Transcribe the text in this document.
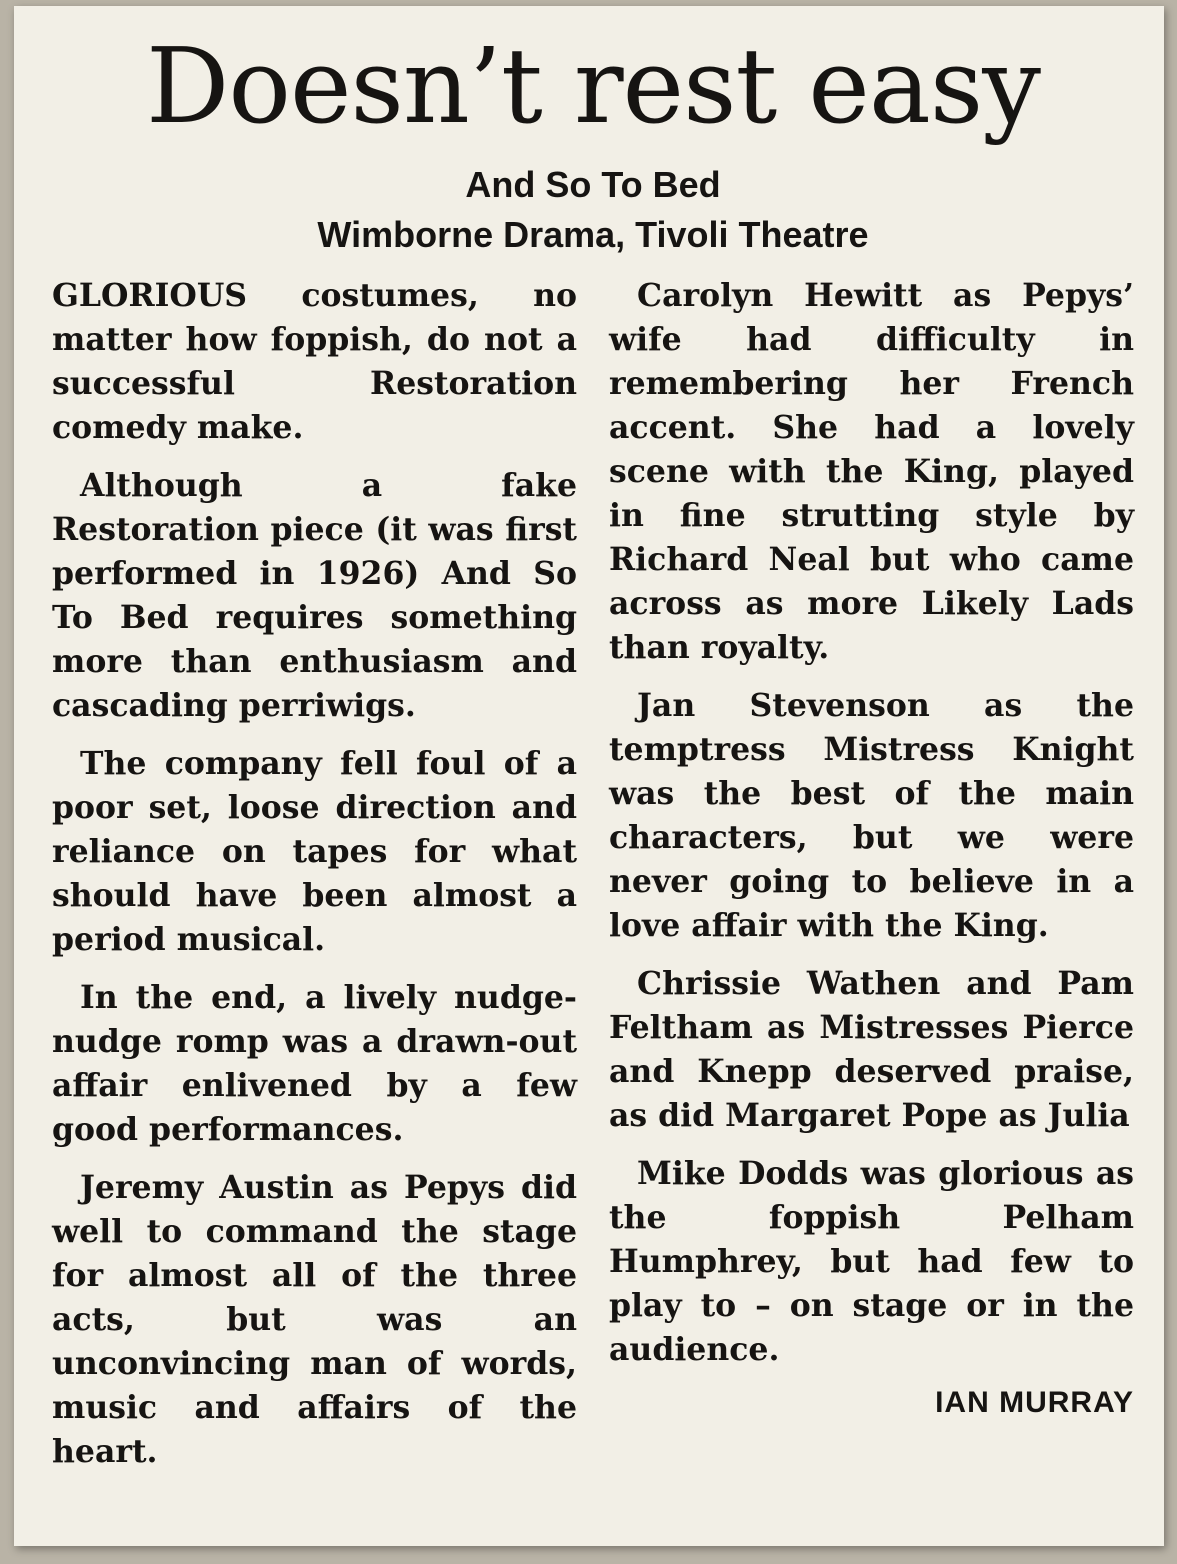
Doesn’t rest easy
And So To Bed
Wimborne Drama, Tivoli Theatre

GLORIOUS costumes, no matter how foppish, do not a successful Restoration comedy make.

Although a fake Restoration piece (it was first performed in 1926) And So To Bed requires something more than enthusiasm and cascading perriwigs.

The company fell foul of a poor set, loose direction and reliance on tapes for what should have been almost a period musical.

In the end, a lively nudge-nudge romp was a drawn-out affair enlivened by a few good performances.

Jeremy Austin as Pepys did well to command the stage for almost all of the three acts, but was an unconvincing man of words, music and affairs of the heart.

Carolyn Hewitt as Pepys’ wife had difficulty in remembering her French accent. She had a lovely scene with the King, played in fine strutting style by Richard Neal but who came across as more Likely Lads than royalty.

Jan Stevenson as the temptress Mistress Knight was the best of the main characters, but we were never going to believe in a love affair with the King.

Chrissie Wathen and Pam Feltham as Mistresses Pierce and Knepp deserved praise, as did Margaret Pope as Julia

Mike Dodds was glorious as the foppish Pelham Humphrey, but had few to play to – on stage or in the audience.

IAN MURRAY
